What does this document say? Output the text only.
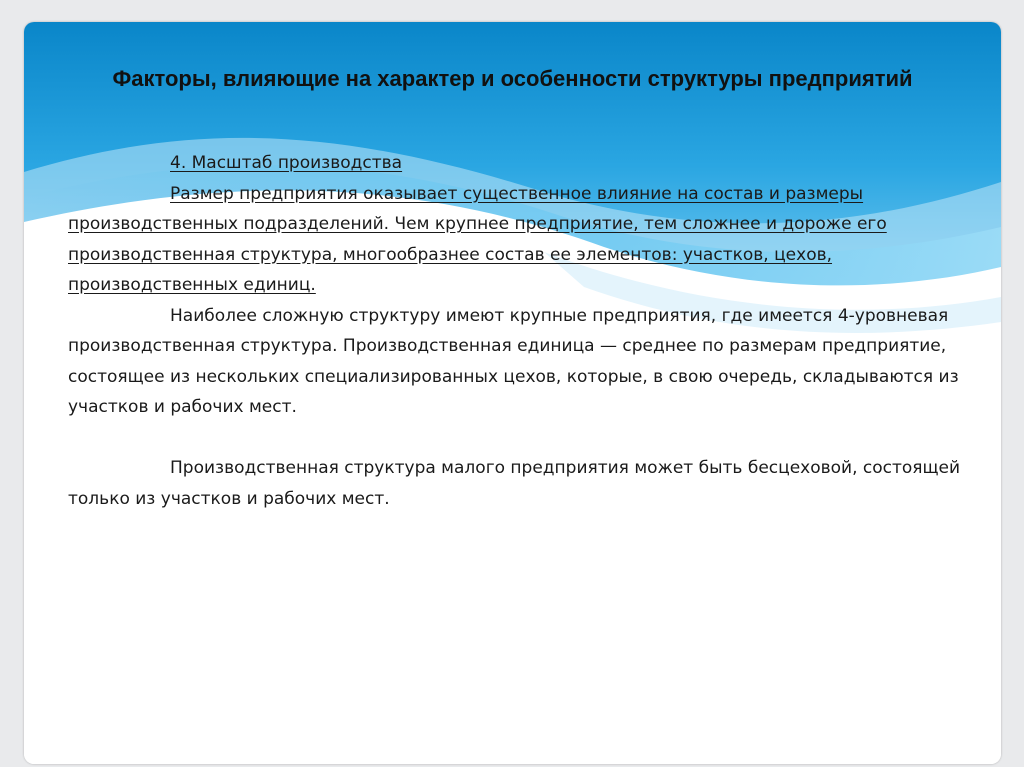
Факторы, влияющие на характер и особенности структуры предприятий

4. Масштаб производства

Размер предприятия оказывает существенное влияние на состав и размеры производственных подразделений. Чем крупнее предприятие, тем сложнее и дороже его производственная структура, многообразнее состав ее элементов: участков, цехов, производственных единиц.

Наиболее сложную структуру имеют крупные предприятия, где имеется 4-уровневая производственная структура. Производственная единица — среднее по размерам предприятие, состоящее из нескольких специализированных цехов, которые, в свою очередь, складываются из участков и рабочих мест.

Производственная структура малого предприятия может быть бесцеховой, состоящей только из участков и рабочих мест.
